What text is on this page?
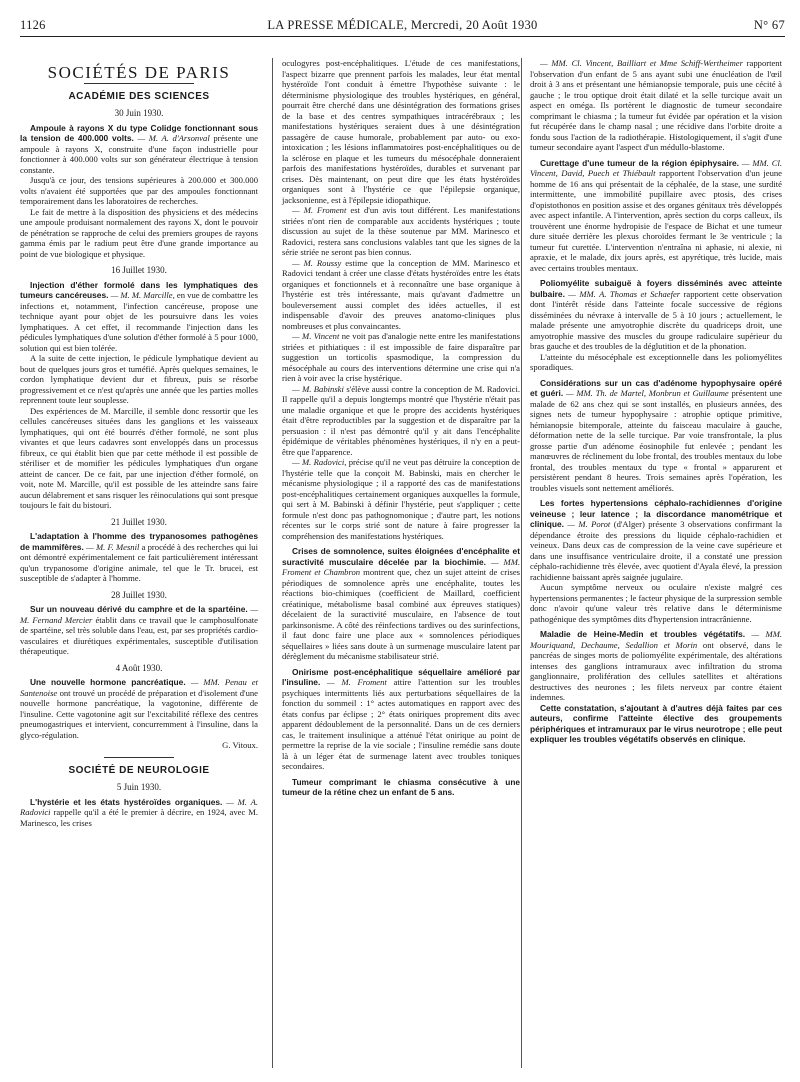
1126	LA PRESSE MÉDICALE, Mercredi, 20 Août 1930	N° 67
SOCIÉTÉS DE PARIS
ACADÉMIE DES SCIENCES
30 Juin 1930.

Ampoule à rayons X du type Colidge fonctionnant sous la tension de 400.000 volts. — M. A. d'Arsonval présente une ampoule à rayons X, construite d'une façon industrielle pour fonctionner à 400.000 volts sur son générateur électrique à tension constante.

Jusqu'à ce jour, des tensions supérieures à 200.000 et 300.000 volts n'avaient été supportées que par des ampoules fonctionnant temporairement dans les laboratoires de recherches.

Le fait de mettre à la disposition des physiciens et des médecins une ampoule produisant normalement des rayons X, dont le pouvoir de pénétration se rapproche de celui des premiers groupes de rayons gamma émis par le radium peut être d'une grande importance au point de vue biologique et physique.

16 Juillet 1930.

Injection d'éther formolé dans les lymphatiques des tumeurs cancéreuses. — M. M. Marcille, en vue de combattre les infections et, notamment, l'infection cancéreuse, propose une technique ayant pour objet de les poursuivre dans les voies lymphatiques. A cet effet, il recommande l'injection dans les pédicules lymphatiques d'une solution d'éther formolé à 5 pour 1000, solution qui est bien tolérée.

A la suite de cette injection, le pédicule lymphatique devient au bout de quelques jours gros et tuméfié. Après quelques semaines, le cordon lymphatique devient dur et fibreux, puis se résorbe progressivement et ce n'est qu'après une année que les parties molles reprennent toute leur souplesse.

Des expériences de M. Marcille, il semble donc ressortir que les cellules cancéreuses situées dans les ganglions et les vaisseaux lymphatiques, qui ont été bourrés d'éther formolé, ne sont plus vivantes et que leurs cadavres sont enveloppés dans un processus fibreux, ce qui établit bien que par cette méthode il est possible de stériliser et de momifier les pédicules lymphatiques d'un organe atteint de cancer. De ce fait, par une injection d'éther formolé, on voit, note M. Marcille, qu'il est possible de les atteindre sans faire aucun délabrement et sans risquer les réinoculations qui sont presque toujours le fait du bistouri.

21 Juillet 1930.

L'adaptation à l'homme des trypanosomes pathogènes de mammifères. — M. F. Mesnil a procédé à des recherches qui lui ont démontré expérimentalement ce fait particulièrement intéressant qu'un trypanosome d'origine animale, tel que le Tr. brucei, est susceptible de s'adapter à l'homme.

28 Juillet 1930.

Sur un nouveau dérivé du camphre et de la spartéine. — M. Fernand Mercier établit dans ce travail que le camphosulfonate de spartéine, sel très soluble dans l'eau, est, par ses propriétés cardio-vasculaires et diurétiques expérimentales, susceptible d'utilisation thérapeutique.

4 Août 1930.

Une nouvelle hormone pancréatique. — MM. Penau et Santenoise ont trouvé un procédé de préparation et d'isolement d'une nouvelle hormone pancréatique, la vagotonine, différente de l'insuline. Cette vagotonine agit sur l'excitabilité réflexe des centres pneumogastriques et intervient, concurremment à l'insuline, dans la glyco-régulation.

G. Vitoux.
SOCIÉTÉ DE NEUROLOGIE
5 Juin 1930.

L'hystérie et les états hystéroïdes organiques. — M. A. Radovici rappelle qu'il a été le premier à décrire, en 1924, avec M. Marinesco, les crises

oculogyres post-encéphalitiques. L'étude de ces manifestations, l'aspect bizarre que prennent parfois les malades, leur état mental hystéroïde l'ont conduit à émettre l'hypothèse suivante : le déterminisme physiologique des troubles hystériques, en général, pourrait être cherché dans une désintégration des formations grises de la base et des centres sympathiques intracérébraux ; les manifestations hystériques seraient dues à une désintégration passagère de cause humorale, probablement par auto- ou exo-intoxication ; les lésions inflammatoires post-encéphalitiques ou de la sclérose en plaque et les tumeurs du mésocéphale donneraient parfois des manifestations hystéroïdes, durables et survenant par crises. Dès maintenant, on peut dire que les états hystéroïdes organiques sont à l'hystérie ce que l'épilepsie organique, jacksonienne, est à l'épilepsie idiopathique.

— M. Froment est d'un avis tout différent. Les manifestations striées n'ont rien de comparable aux accidents hystériques ; toute discussion au sujet de la thèse soutenue par MM. Marinesco et Radovici, restera sans conclusions valables tant que les signes de la série striée ne seront pas bien connus.

— M. Roussy estime que la conception de MM. Marinesco et Radovici tendant à créer une classe d'états hystéroïdes entre les états organiques et fonctionnels et à reconnaître une base organique à l'hystérie est très intéressante, mais qu'avant d'admettre un bouleversement aussi complet des idées actuelles, il est indispensable d'avoir des preuves anatomo-cliniques plus nombreuses et plus convaincantes.

— M. Vincent ne voit pas d'analogie nette entre les manifestations striées et pithiatiques : il est impossible de faire disparaître par suggestion un torticolis spasmodique, la compression du mésocéphale au cours des interventions détermine une crise qui n'a rien à voir avec la crise hystérique.

— M. Babinski s'élève aussi contre la conception de M. Radovici. Il rappelle qu'il a depuis longtemps montré que l'hystérie n'était pas une maladie organique et que le propre des accidents hystériques était d'être reproductibles par la suggestion et de disparaître par la persuasion : il n'est pas démontré qu'il y ait dans l'encéphalite épidémique de véritables phénomènes hystériques, il n'y en a peut-être que l'apparence.

— M. Radovici, précise qu'il ne veut pas détruire la conception de l'hystérie telle que la conçoit M. Babinski, mais en chercher le mécanisme physiologique ; il a rapporté des cas de manifestations post-encéphalitiques certainement organiques auxquelles la formule, qui sert à M. Babinski à définir l'hystérie, peut s'appliquer ; cette formule n'est donc pas pathognomonique ; d'autre part, les notions récentes sur le corps strié sont de nature à faire progresser la compréhension des manifestations hystériques.

Crises de somnolence, suites éloignées d'encéphalite et suractivité musculaire décelée par la biochimie. — MM. Froment et Chambron montrent que, chez un sujet atteint de crises périodiques de somnolence après une encéphalite, toutes les réactions bio-chimiques (coefficient de Maillard, coefficient créatinique, métabolisme basal combiné aux épreuves statiques) décelaient de la suractivité musculaire, en l'absence de tout parkinsonisme. A côté des réinfections tardives ou des surinfections, il faut donc faire une place aux « somnolences périodiques séquellaires » liées sans doute à un surmenage musculaire latent par dérèglement du mécanisme stabilisateur strié.

Onirisme post-encéphalitique séquellaire amélioré par l'insuline. — M. Froment attire l'attention sur les troubles psychiques intermittents liés aux perturbations séquellaires de la fonction du sommeil : 1° actes automatiques en rapport avec des états confus par éclipse ; 2° états oniriques proprement dits avec apparent dédoublement de la personnalité. Dans un de ces derniers cas, le traitement insulinique a atténué l'état onirique au point de permettre la reprise de la vie sociale ; l'insuline remédie sans doute là à un léger état de surmenage latent avec troubles toniques secondaires.

Tumeur comprimant le chiasma consécutive à une tumeur de la rétine chez un enfant de 5 ans.

— MM. Cl. Vincent, Bailliart et Mme Schiff-Wertheimer rapportent l'observation d'un enfant de 5 ans ayant subi une énucléation de l'œil droit à 3 ans et présentant une hémianopsie temporale, puis une cécité à gauche ; le trou optique droit était dilaté et la selle turcique avait un aspect en oméga. Ils portèrent le diagnostic de tumeur secondaire comprimant le chiasma ; la tumeur fut évidée par opération et la vision fut récupérée dans le champ nasal ; une récidive dans l'orbite droite a fondu sous l'action de la radiothérapie. Histologiquement, il s'agit d'une tumeur secondaire ayant l'aspect d'un médullo-blastome.

Curettage d'une tumeur de la région épiphysaire. — MM. Cl. Vincent, David, Puech et Thiébault rapportent l'observation d'un jeune homme de 16 ans qui présentait de la céphalée, de la stase, une surdité intermittente, une immobilité pupillaire avec ptosis, des crises d'opistothonos en position assise et des organes génitaux très développés avec aspect infantile. A l'intervention, après section du corps calleux, ils trouvèrent une énorme hydropisie de l'espace de Bichat et une tumeur dure située derrière les plexus choroïdes fermant le 3e ventricule ; la tumeur fut curettée. L'intervention n'entraîna ni aphasie, ni alexie, ni apraxie, et le malade, dix jours après, est apyrétique, très lucide, mais avec certains troubles mentaux.

Poliomyélite subaiguë à foyers disséminés avec atteinte bulbaire. — MM. A. Thomas et Schaefer rapportent cette observation dont l'intérêt réside dans l'atteinte focale successive de régions disséminées du névraxe à intervalle de 5 à 10 jours ; actuellement, le malade présente une amyotrophie discrète du quadriceps droit, une amyotrophie massive des muscles du groupe radiculaire supérieur du bras gauche et des troubles de la déglutition et de la phonation.

L'atteinte du mésocéphale est exceptionnelle dans les poliomyélites sporadiques.

Considérations sur un cas d'adénome hypophysaire opéré et guéri. — MM. Th. de Martel, Monbrun et Guillaume présentent une malade de 62 ans chez qui se sont installés, en plusieurs années, des signes nets de tumeur hypophysaire : atrophie optique primitive, hémianopsie bitemporale, atteinte du faisceau maculaire à gauche, déformation nette de la selle turcique. Par voie transfrontale, la plus grosse partie d'un adénome éosinophile fut enlevée ; pendant les manœuvres de réclinement du lobe frontal, des troubles mentaux du lobe frontal, des troubles mentaux du type « frontal » apparurent et persistèrent pendant 8 heures. Trois semaines après l'opération, les troubles visuels sont nettement améliorés.

Les fortes hypertensions céphalo-rachidiennes d'origine veineuse ; leur latence ; la discordance manométrique et clinique. — M. Porot (d'Alger) présente 3 observations confirmant la dépendance étroite des pressions du liquide céphalo-rachidien et veineux. Dans deux cas de compression de la veine cave supérieure et dans une insuffisance ventriculaire droite, il a constaté une pression céphalo-rachidienne très élevée, avec quotient d'Ayala élevé, la pression rachidienne baissant après saignée jugulaire.

Aucun symptôme nerveux ou oculaire n'existe malgré ces hypertensions permanentes ; le facteur physique de la surpression semble donc n'avoir qu'une valeur très relative dans le déterminisme pathogénique des symptômes dits d'hypertension intracrânienne.

Maladie de Heine-Medin et troubles végétatifs. — MM. Mouriquand, Dechaume, Sedallion et Morin ont observé, dans le pancréas de singes morts de poliomyélite expérimentale, des altérations intenses des ganglions intramuraux avec infiltration du stroma ganglionnaire, prolifération des cellules satellites et altérations destructives des neurones ; les filets nerveux par contre étaient indemnes.

Cette constatation, s'ajoutant à d'autres déjà faites par ces auteurs, confirme l'atteinte élective des groupements périphériques et intramuraux par le virus neurotrope ; elle peut expliquer les troubles végétatifs observés en clinique.
